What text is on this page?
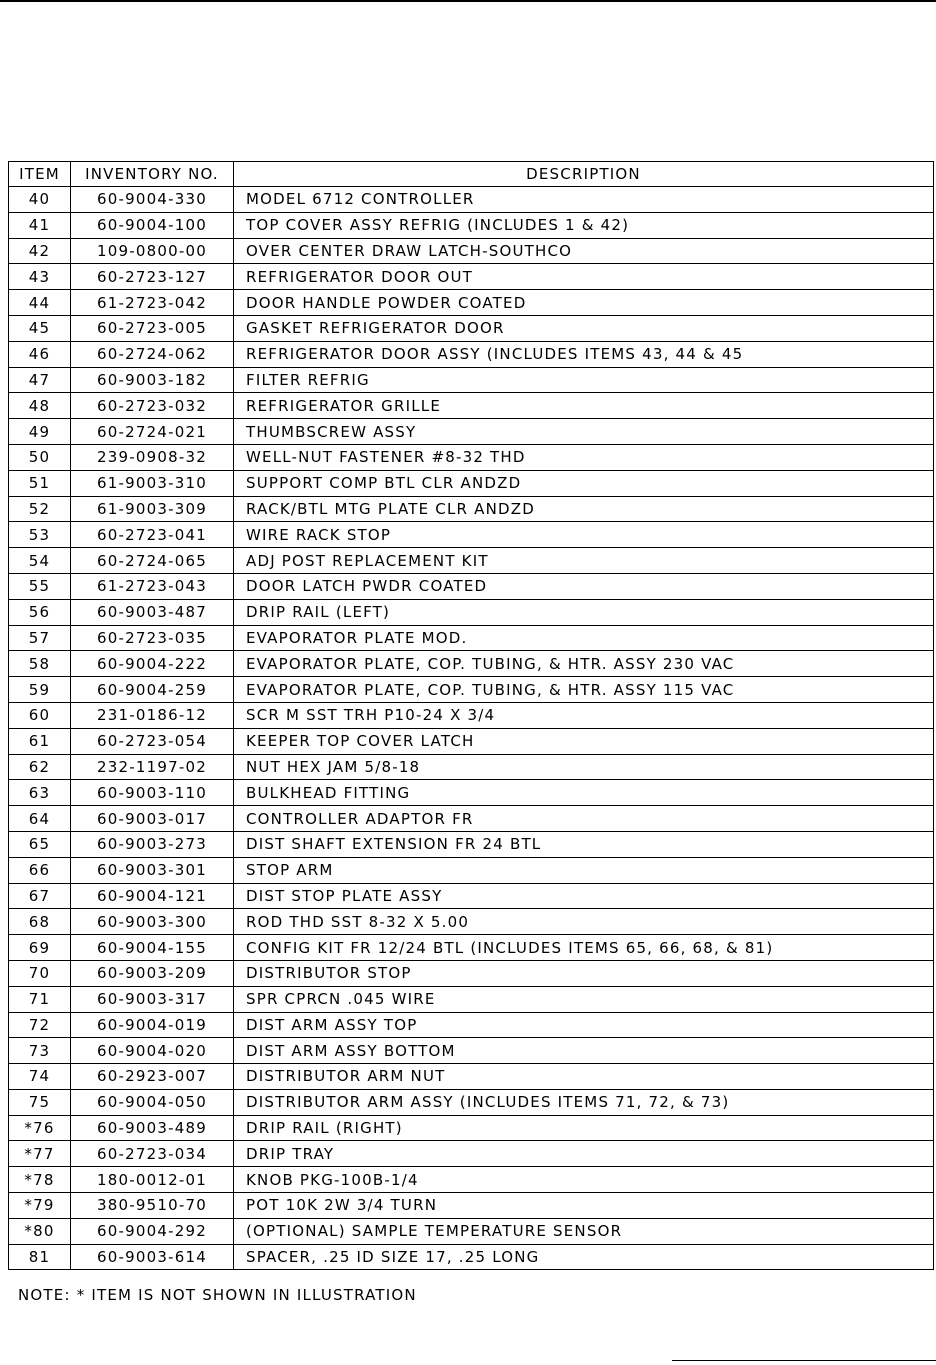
ITEM	INVENTORY NO.	DESCRIPTION
40	60-9004-330	MODEL 6712 CONTROLLER
41	60-9004-100	TOP COVER ASSY REFRIG (INCLUDES 1 & 42)
42	109-0800-00	OVER CENTER DRAW LATCH-SOUTHCO
43	60-2723-127	REFRIGERATOR DOOR OUT
44	61-2723-042	DOOR HANDLE POWDER COATED
45	60-2723-005	GASKET REFRIGERATOR DOOR
46	60-2724-062	REFRIGERATOR DOOR ASSY (INCLUDES ITEMS 43, 44 & 45
47	60-9003-182	FILTER REFRIG
48	60-2723-032	REFRIGERATOR GRILLE
49	60-2724-021	THUMBSCREW ASSY
50	239-0908-32	WELL-NUT FASTENER #8-32 THD
51	61-9003-310	SUPPORT COMP BTL CLR ANDZD
52	61-9003-309	RACK/BTL MTG PLATE CLR ANDZD
53	60-2723-041	WIRE RACK STOP
54	60-2724-065	ADJ POST REPLACEMENT KIT
55	61-2723-043	DOOR LATCH PWDR COATED
56	60-9003-487	DRIP RAIL (LEFT)
57	60-2723-035	EVAPORATOR PLATE MOD.
58	60-9004-222	EVAPORATOR PLATE, COP. TUBING, & HTR. ASSY 230 VAC
59	60-9004-259	EVAPORATOR PLATE, COP. TUBING, & HTR. ASSY 115 VAC
60	231-0186-12	SCR M SST TRH P10-24 X 3/4
61	60-2723-054	KEEPER TOP COVER LATCH
62	232-1197-02	NUT HEX JAM 5/8-18
63	60-9003-110	BULKHEAD FITTING
64	60-9003-017	CONTROLLER ADAPTOR FR
65	60-9003-273	DIST SHAFT EXTENSION FR 24 BTL
66	60-9003-301	STOP ARM
67	60-9004-121	DIST STOP PLATE ASSY
68	60-9003-300	ROD THD SST 8-32 X 5.00
69	60-9004-155	CONFIG KIT FR 12/24 BTL (INCLUDES ITEMS 65, 66, 68, & 81)
70	60-9003-209	DISTRIBUTOR STOP
71	60-9003-317	SPR CPRCN .045 WIRE
72	60-9004-019	DIST ARM ASSY TOP
73	60-9004-020	DIST ARM ASSY BOTTOM
74	60-2923-007	DISTRIBUTOR ARM NUT
75	60-9004-050	DISTRIBUTOR ARM ASSY (INCLUDES ITEMS 71, 72, & 73)
*76	60-9003-489	DRIP RAIL (RIGHT)
*77	60-2723-034	DRIP TRAY
*78	180-0012-01	KNOB PKG-100B-1/4
*79	380-9510-70	POT 10K 2W 3/4 TURN
*80	60-9004-292	(OPTIONAL) SAMPLE TEMPERATURE SENSOR
81	60-9003-614	SPACER, .25 ID SIZE 17, .25 LONG
NOTE: * ITEM IS NOT SHOWN IN ILLUSTRATION
